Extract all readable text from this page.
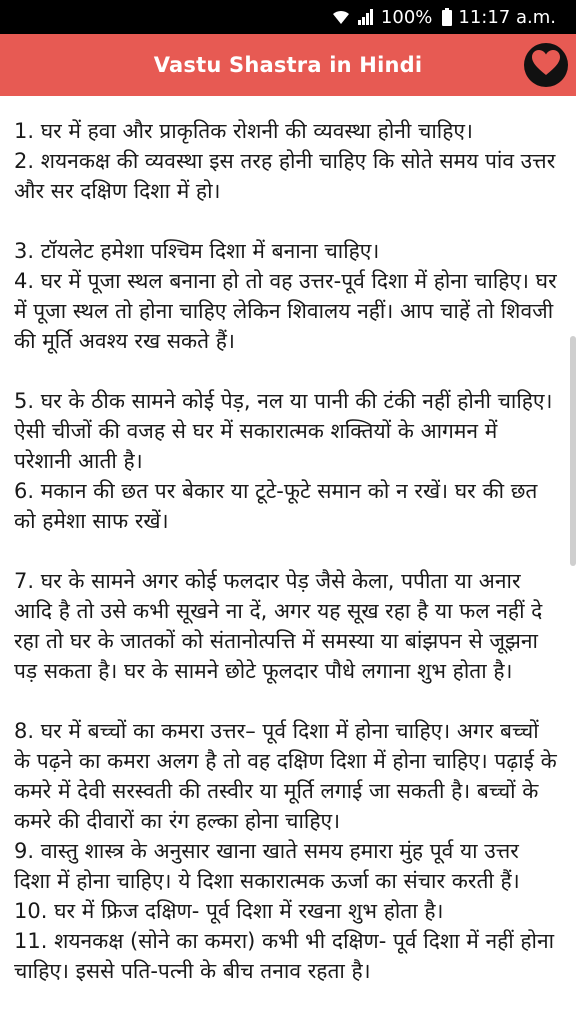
100% 11:17 a.m.
Vastu Shastra in Hindi

1. घर में हवा और प्राकृतिक रोशनी की व्यवस्था होनी चाहिए।

2. शयनकक्ष की व्यवस्था इस तरह होनी चाहिए कि सोते समय पांव उत्तर और सर दक्षिण दिशा में हो।

3. टॉयलेट हमेशा पश्चिम दिशा में बनाना चाहिए।

4. घर में पूजा स्थल बनाना हो तो वह उत्तर-पूर्व दिशा में होना चाहिए। घर में पूजा स्थल तो होना चाहिए लेकिन शिवालय नहीं। आप चाहें तो शिवजी की मूर्ति अवश्य रख सकते हैं।

5. घर के ठीक सामने कोई पेड़, नल या पानी की टंकी नहीं होनी चाहिए। ऐसी चीजों की वजह से घर में सकारात्मक शक्तियों के आगमन में परेशानी आती है।

6. मकान की छत पर बेकार या टूटे-फूटे समान को न रखें। घर की छत को हमेशा साफ रखें।

7. घर के सामने अगर कोई फलदार पेड़ जैसे केला, पपीता या अनार आदि है तो उसे कभी सूखने ना दें, अगर यह सूख रहा है या फल नहीं दे रहा तो घर के जातकों को संतानोत्पत्ति में समस्या या बांझपन से जूझना पड़ सकता है। घर के सामने छोटे फूलदार पौधे लगाना शुभ होता है।

8. घर में बच्चों का कमरा उत्तर– पूर्व दिशा में होना चाहिए। अगर बच्चों के पढ़ने का कमरा अलग है तो वह दक्षिण दिशा में होना चाहिए। पढ़ाई के कमरे में देवी सरस्वती की तस्वीर या मूर्ति लगाई जा सकती है। बच्चों के कमरे की दीवारों का रंग हल्का होना चाहिए।

9. वास्तु शास्त्र के अनुसार खाना खाते समय हमारा मुंह पूर्व या उत्तर दिशा में होना चाहिए। ये दिशा सकारात्मक ऊर्जा का संचार करती हैं।

10. घर में फ्रिज दक्षिण- पूर्व दिशा में रखना शुभ होता है।

11. शयनकक्ष (सोने का कमरा) कभी भी दक्षिण- पूर्व दिशा में नहीं होना चाहिए। इससे पति-पत्नी के बीच तनाव रहता है।
